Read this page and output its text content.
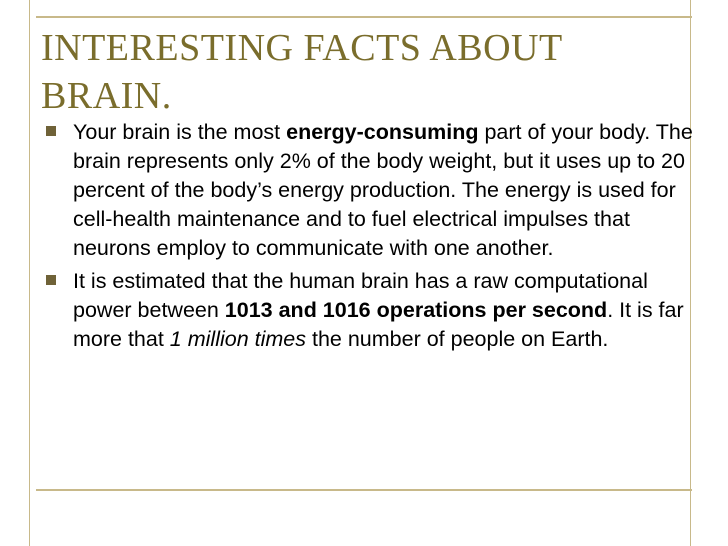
INTERESTING FACTS ABOUT BRAIN.
Your brain is the most energy-consuming part of your body. The brain represents only 2% of the body weight, but it uses up to 20 percent of the body’s energy production. The energy is used for cell-health maintenance and to fuel electrical impulses that neurons employ to communicate with one another.
It is estimated that the human brain has a raw computational power between 1013 and 1016 operations per second. It is far more that 1 million times the number of people on Earth.
